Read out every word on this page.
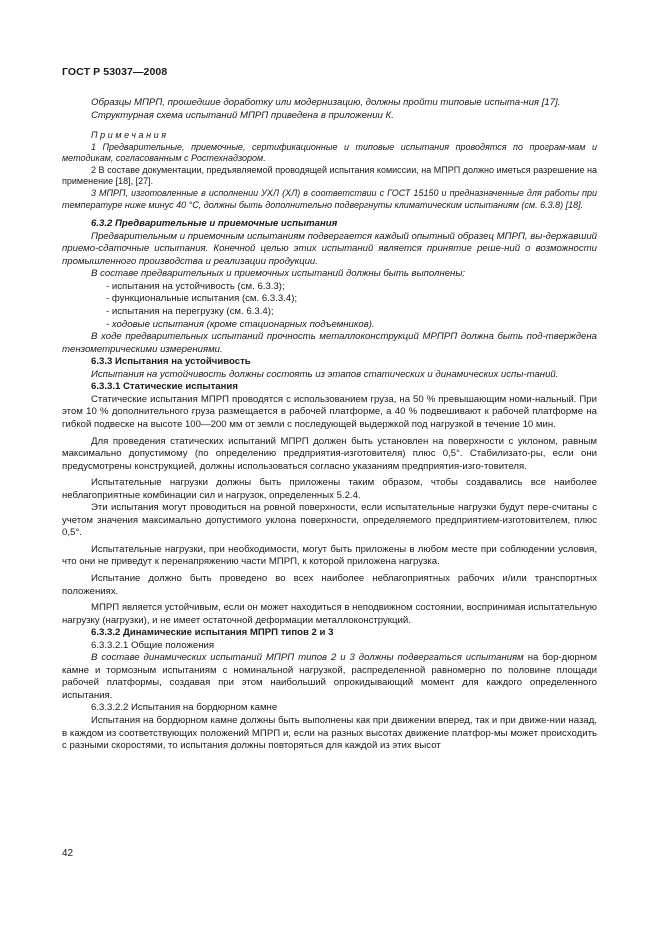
ГОСТ Р 53037—2008

Образцы МПРП, прошедшие доработку или модернизацию, должны пройти типовые испыта-ния [17].

Структурная схема испытаний МПРП приведена в приложении К.

Примечания

1 Предварительные, приемочные, сертификационные и типовые испытания проводятся по програм-мам и методикам, согласованным с Ростехнадзором.

2 В составе документации, предъявляемой проводящей испытания комиссии, на МПРП должно иметься разрешение на применение [18], [27].

3 МПРП, изготовленные в исполнении УХЛ (ХЛ) в соответствии с ГОСТ 15150 и предназначенные для работы при температуре ниже минус 40 °С, должны быть дополнительно подвергнуты климатическим испытаниям (см. 6.3.8) [18].

6.3.2 Предварительные и приемочные испытания

Предварительным и приемочным испытаниям подвергается каждый опытный образец МПРП, вы-державший приемо-сдаточные испытания. Конечной целью этих испытаний является принятие реше-ний о возможности промышленного производства и реализации продукции.

В составе предварительных и приемочных испытаний должны быть выполнены:

- испытания на устойчивость (см. 6.3.3);

- функциональные испытания (см. 6.3.3.4);

- испытания на перегрузку (см. 6.3.4);

- ходовые испытания (кроме стационарных подъемников).

В ходе предварительных испытаний прочность металлоконструкций МРПРП должна быть под-тверждена тензометрическими измерениями.

6.3.3 Испытания на устойчивость

Испытания на устойчивость должны состоять из этапов статических и динамических испы-таний.

6.3.3.1 Статические испытания

Статические испытания МПРП проводятся с использованием груза, на 50 % превышающим номи-нальный. При этом 10 % дополнительного груза размещается в рабочей платформе, а 40 % подвешивают к рабочей платформе на гибкой подвеске на высоте 100—200 мм от земли с последующей выдержкой под нагрузкой в течение 10 мин.

Для проведения статических испытаний МПРП должен быть установлен на поверхности с уклоном, равным максимально допустимому (по определению предприятия-изготовителя) плюс 0,5°. Стабилизато-ры, если они предусмотрены конструкцией, должны использоваться согласно указаниям предприятия-изго-товителя.

Испытательные нагрузки должны быть приложены таким образом, чтобы создавались все наиболее неблагоприятные комбинации сил и нагрузок, определенных 5.2.4.

Эти испытания могут проводиться на ровной поверхности, если испытательные нагрузки будут пере-считаны с учетом значения максимально допустимого уклона поверхности, определяемого предприятием-изготовителем, плюс 0,5°.

Испытательные нагрузки, при необходимости, могут быть приложены в любом месте при соблюдении условия, что они не приведут к перенапряжению части МПРП, к которой приложена нагрузка.

Испытание должно быть проведено во всех наиболее неблагоприятных рабочих и/или транспортных положениях.

МПРП является устойчивым, если он может находиться в неподвижном состоянии, воспринимая испытательную нагрузку (нагрузки), и не имеет остаточной деформации металлоконструкций.

6.3.3.2 Динамические испытания МПРП типов 2 и 3

6.3.3.2.1 Общие положения

В составе динамических испытаний МПРП типов 2 и 3 должны подвергаться испытаниям на бор-дюрном камне и тормозным испытаниям с номинальной нагрузкой, распределенной равномерно по половине площади рабочей платформы, создавая при этом наибольший опрокидывающий момент для каждого определенного испытания.

6.3.3.2.2 Испытания на бордюрном камне

Испытания на бордюрном камне должны быть выполнены как при движении вперед, так и при движе-нии назад, в каждом из соответствующих положений МПРП и, если на разных высотах движение платфор-мы может происходить с разными скоростями, то испытания должны повторяться для каждой из этих высот

42
